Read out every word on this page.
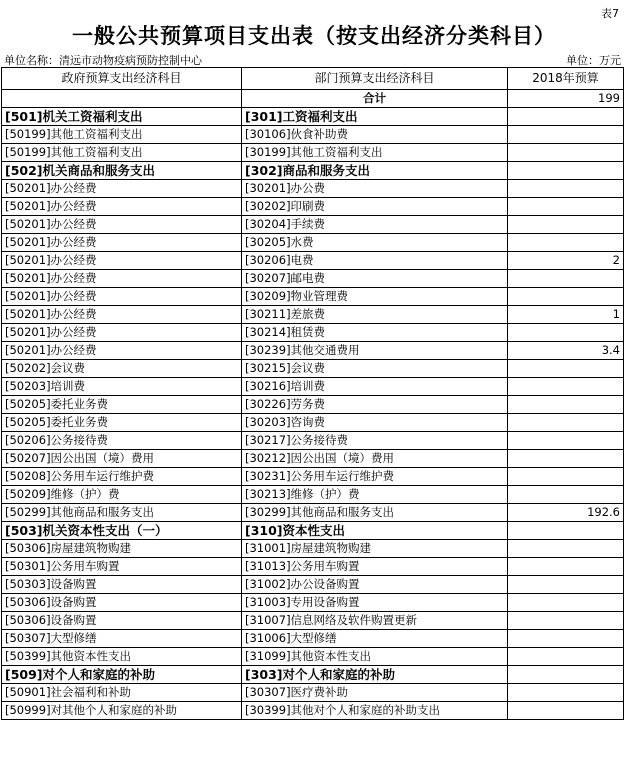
表7
一般公共预算项目支出表（按支出经济分类科目）
单位名称：清远市动物疫病预防控制中心	单位：万元
政府预算支出经济科目	部门预算支出经济科目	2018年预算
	合计	199
[501]机关工资福利支出	[301]工资福利支出	
[50199]其他工资福利支出	[30106]伙食补助费	
[50199]其他工资福利支出	[30199]其他工资福利支出	
[502]机关商品和服务支出	[302]商品和服务支出	
[50201]办公经费	[30201]办公费	
[50201]办公经费	[30202]印刷费	
[50201]办公经费	[30204]手续费	
[50201]办公经费	[30205]水费	
[50201]办公经费	[30206]电费	2
[50201]办公经费	[30207]邮电费	
[50201]办公经费	[30209]物业管理费	
[50201]办公经费	[30211]差旅费	1
[50201]办公经费	[30214]租赁费	
[50201]办公经费	[30239]其他交通费用	3.4
[50202]会议费	[30215]会议费	
[50203]培训费	[30216]培训费	
[50205]委托业务费	[30226]劳务费	
[50205]委托业务费	[30203]咨询费	
[50206]公务接待费	[30217]公务接待费	
[50207]因公出国（境）费用	[30212]因公出国（境）费用	
[50208]公务用车运行维护费	[30231]公务用车运行维护费	
[50209]维修（护）费	[30213]维修（护）费	
[50299]其他商品和服务支出	[30299]其他商品和服务支出	192.6
[503]机关资本性支出（一）	[310]资本性支出	
[50306]房屋建筑物购建	[31001]房屋建筑物购建	
[50301]公务用车购置	[31013]公务用车购置	
[50303]设备购置	[31002]办公设备购置	
[50306]设备购置	[31003]专用设备购置	
[50306]设备购置	[31007]信息网络及软件购置更新	
[50307]大型修缮	[31006]大型修缮	
[50399]其他资本性支出	[31099]其他资本性支出	
[509]对个人和家庭的补助	[303]对个人和家庭的补助	
[50901]社会福利和补助	[30307]医疗费补助	
[50999]对其他个人和家庭的补助	[30399]其他对个人和家庭的补助支出	
